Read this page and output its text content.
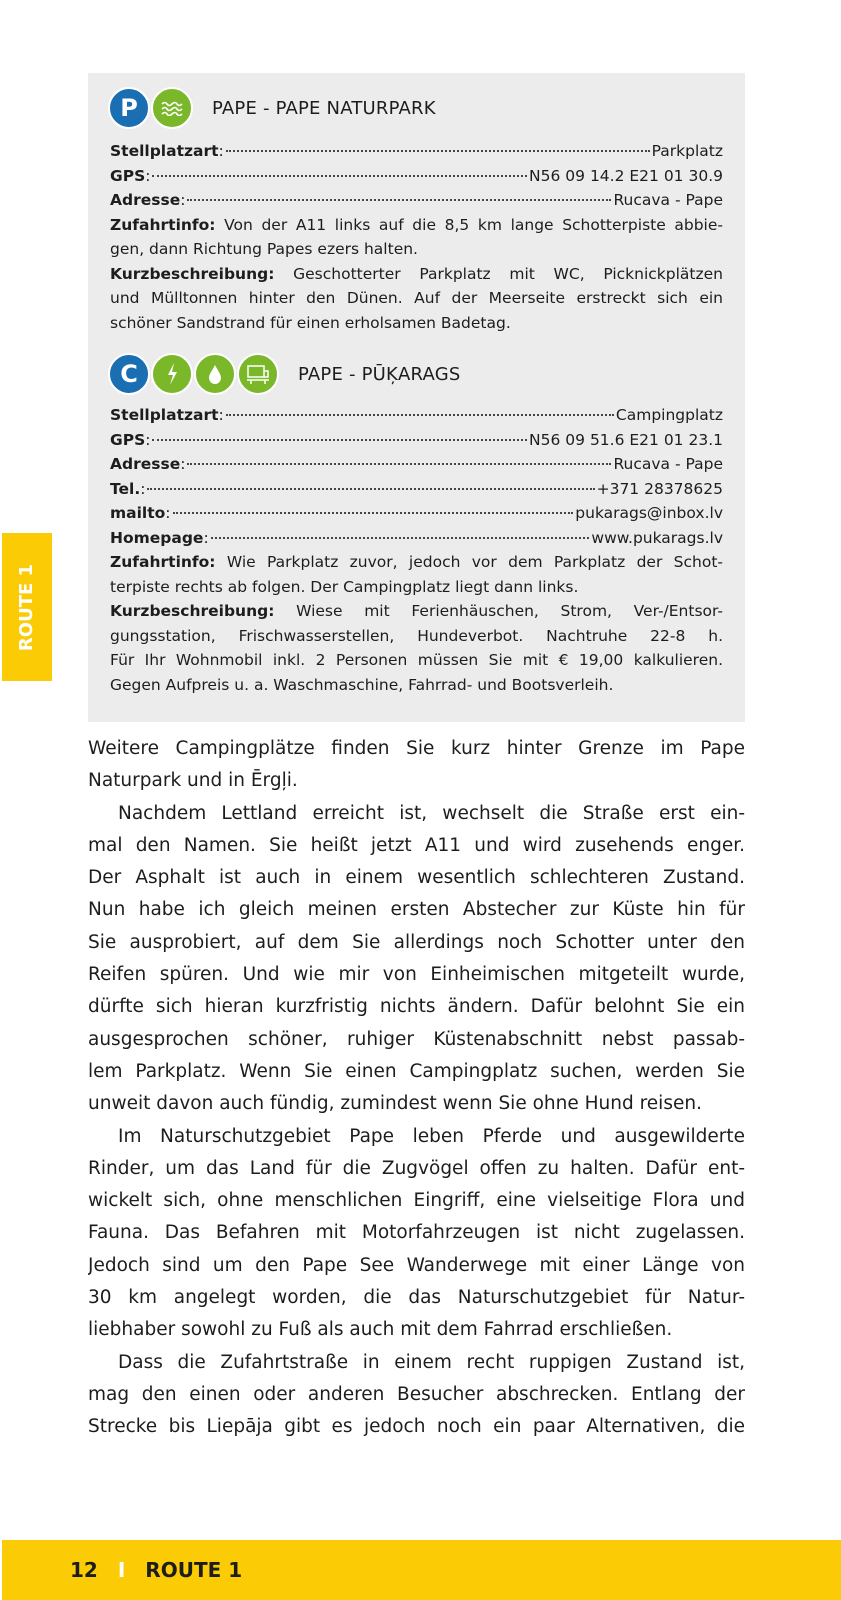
ROUTE 1
P	PAPE - PAPE NATURPARK
Stellplatzart :	Parkplatz
GPS :	N56 09 14.2 E21 01 30.9
Adresse :	Rucava - Pape
Zufahrtinfo: Von der A11 links auf die 8,5 km lange Schotterpiste abbie-
gen, dann Richtung Papes ezers halten.
Kurzbeschreibung: Geschotterter Parkplatz mit WC, Picknickplätzen
und Mülltonnen hinter den Dünen. Auf der Meerseite erstreckt sich ein
schöner Sandstrand für einen erholsamen Badetag.
C	PAPE - PŪĶARAGS
Stellplatzart :	Campingplatz
GPS :	N56 09 51.6 E21 01 23.1
Adresse :	Rucava - Pape
Tel. :	+371 28378625
mailto :	pukarags@inbox.lv
Homepage :	www.pukarags.lv
Zufahrtinfo: Wie Parkplatz zuvor, jedoch vor dem Parkplatz der Schot-
terpiste rechts ab folgen. Der Campingplatz liegt dann links.
Kurzbeschreibung: Wiese mit Ferienhäuschen, Strom, Ver-/Entsor-
gungsstation, Frischwasserstellen, Hundeverbot. Nachtruhe 22-8 h.
Für Ihr Wohnmobil inkl. 2 Personen müssen Sie mit € 19,00 kalkulieren.
Gegen Aufpreis u. a. Waschmaschine, Fahrrad- und Bootsverleih.
Weitere Campingplätze finden Sie kurz hinter Grenze im Pape
Naturpark und in Ērgļi.
Nachdem Lettland erreicht ist, wechselt die Straße erst ein-
mal den Namen. Sie heißt jetzt A11 und wird zusehends enger.
Der Asphalt ist auch in einem wesentlich schlechteren Zustand.
Nun habe ich gleich meinen ersten Abstecher zur Küste hin für
Sie ausprobiert, auf dem Sie allerdings noch Schotter unter den
Reifen spüren. Und wie mir von Einheimischen mitgeteilt wurde,
dürfte sich hieran kurzfristig nichts ändern. Dafür belohnt Sie ein
ausgesprochen schöner, ruhiger Küstenabschnitt nebst passab-
lem Parkplatz. Wenn Sie einen Campingplatz suchen, werden Sie
unweit davon auch fündig, zumindest wenn Sie ohne Hund reisen.
Im Naturschutzgebiet Pape leben Pferde und ausgewilderte
Rinder, um das Land für die Zugvögel offen zu halten. Dafür ent-
wickelt sich, ohne menschlichen Eingriff, eine vielseitige Flora und
Fauna. Das Befahren mit Motorfahrzeugen ist nicht zugelassen.
Jedoch sind um den Pape See Wanderwege mit einer Länge von
30 km angelegt worden, die das Naturschutzgebiet für Natur-
liebhaber sowohl zu Fuß als auch mit dem Fahrrad erschließen.
Dass die Zufahrtstraße in einem recht ruppigen Zustand ist,
mag den einen oder anderen Besucher abschrecken. Entlang der
Strecke bis Liepāja gibt es jedoch noch ein paar Alternativen, die
12 I ROUTE 1
